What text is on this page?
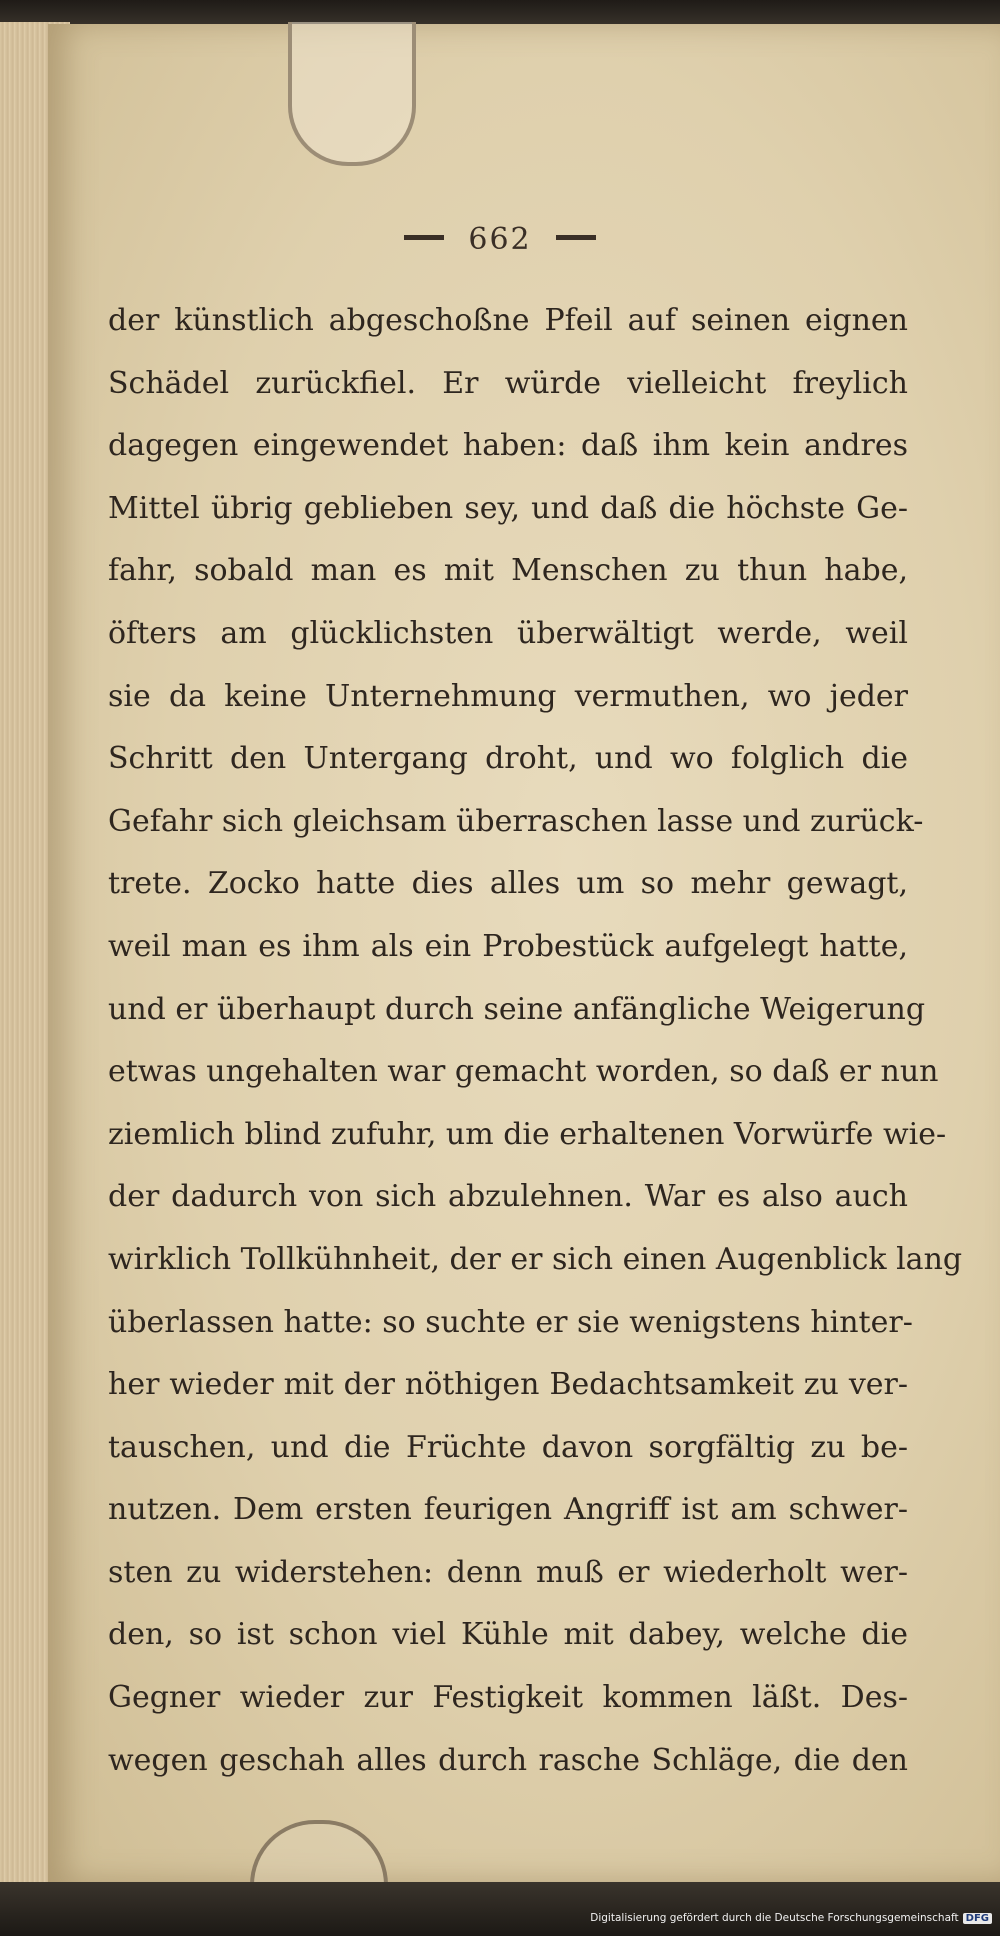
662
der künstlich abgeschoßne Pfeil auf seinen eignen
Schädel zurückfiel. Er würde vielleicht freylich
dagegen eingewendet haben: daß ihm kein andres
Mittel übrig geblieben sey, und daß die höchste Ge-
fahr, sobald man es mit Menschen zu thun habe,
öfters am glücklichsten überwältigt werde, weil
sie da keine Unternehmung vermuthen, wo jeder
Schritt den Untergang droht, und wo folglich die
Gefahr sich gleichsam überraschen lasse und zurück-
trete. Zocko hatte dies alles um so mehr gewagt,
weil man es ihm als ein Probestück aufgelegt hatte,
und er überhaupt durch seine anfängliche Weigerung
etwas ungehalten war gemacht worden, so daß er nun
ziemlich blind zufuhr, um die erhaltenen Vorwürfe wie-
der dadurch von sich abzulehnen. War es also auch
wirklich Tollkühnheit, der er sich einen Augenblick lang
überlassen hatte: so suchte er sie wenigstens hinter-
her wieder mit der nöthigen Bedachtsamkeit zu ver-
tauschen, und die Früchte davon sorgfältig zu be-
nutzen. Dem ersten feurigen Angriff ist am schwer-
sten zu widerstehen: denn muß er wiederholt wer-
den, so ist schon viel Kühle mit dabey, welche die
Gegner wieder zur Festigkeit kommen läßt. Des-
wegen geschah alles durch rasche Schläge, die den
Digitalisierung gefördert durch die Deutsche Forschungsgemeinschaft DFG
